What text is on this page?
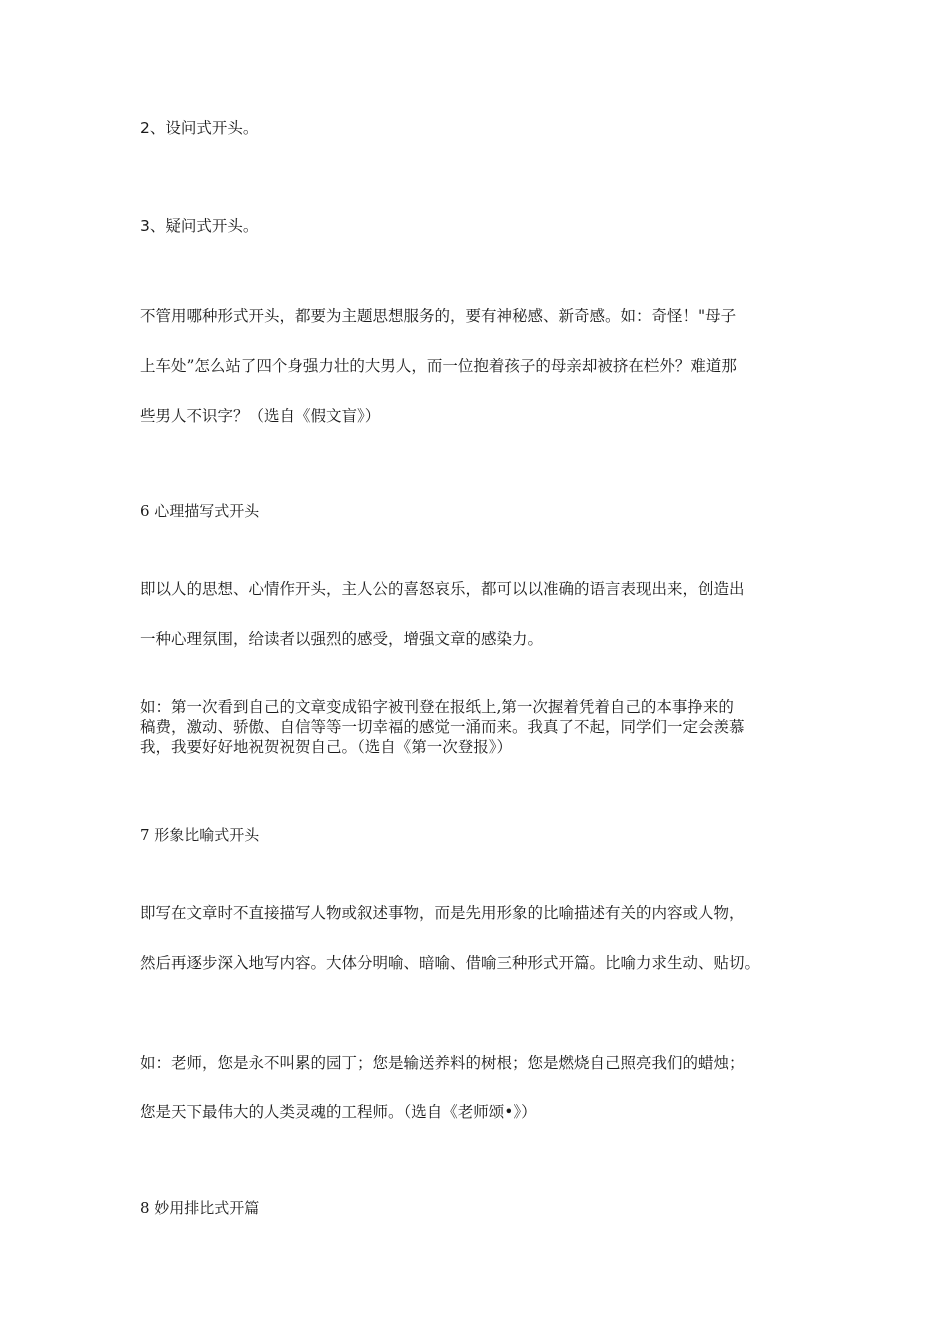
2、设问式开头。
3、疑问式开头。
不管用哪种形式开头，都要为主题思想服务的，要有神秘感、新奇感。如：奇怪！"母子
上车处”怎么站了四个身强力壮的大男人，而一位抱着孩子的母亲却被挤在栏外？难道那
些男人不识字？（选自《假文盲》）
6 心理描写式开头
即以人的思想、心情作开头，主人公的喜怒哀乐，都可以以准确的语言表现出来，创造出
一种心理氛围，给读者以强烈的感受，增强文章的感染力。
如：第一次看到自己的文章变成铅字被刊登在报纸上,第一次握着凭着自己的本事挣来的
稿费，激动、骄傲、自信等等一切幸福的感觉一涌而来。我真了不起，同学们一定会羡慕
我，我要好好地祝贺祝贺自己。（选自《第一次登报》）
7 形象比喻式开头
即写在文章时不直接描写人物或叙述事物，而是先用形象的比喻描述有关的内容或人物，
然后再逐步深入地写内容。大体分明喻、暗喻、借喻三种形式开篇。比喻力求生动、贴切。
如：老师，您是永不叫累的园丁；您是输送养料的树根；您是燃烧自己照亮我们的蜡烛；
您是天下最伟大的人类灵魂的工程师。（选自《老师颂•》）
8 妙用排比式开篇
